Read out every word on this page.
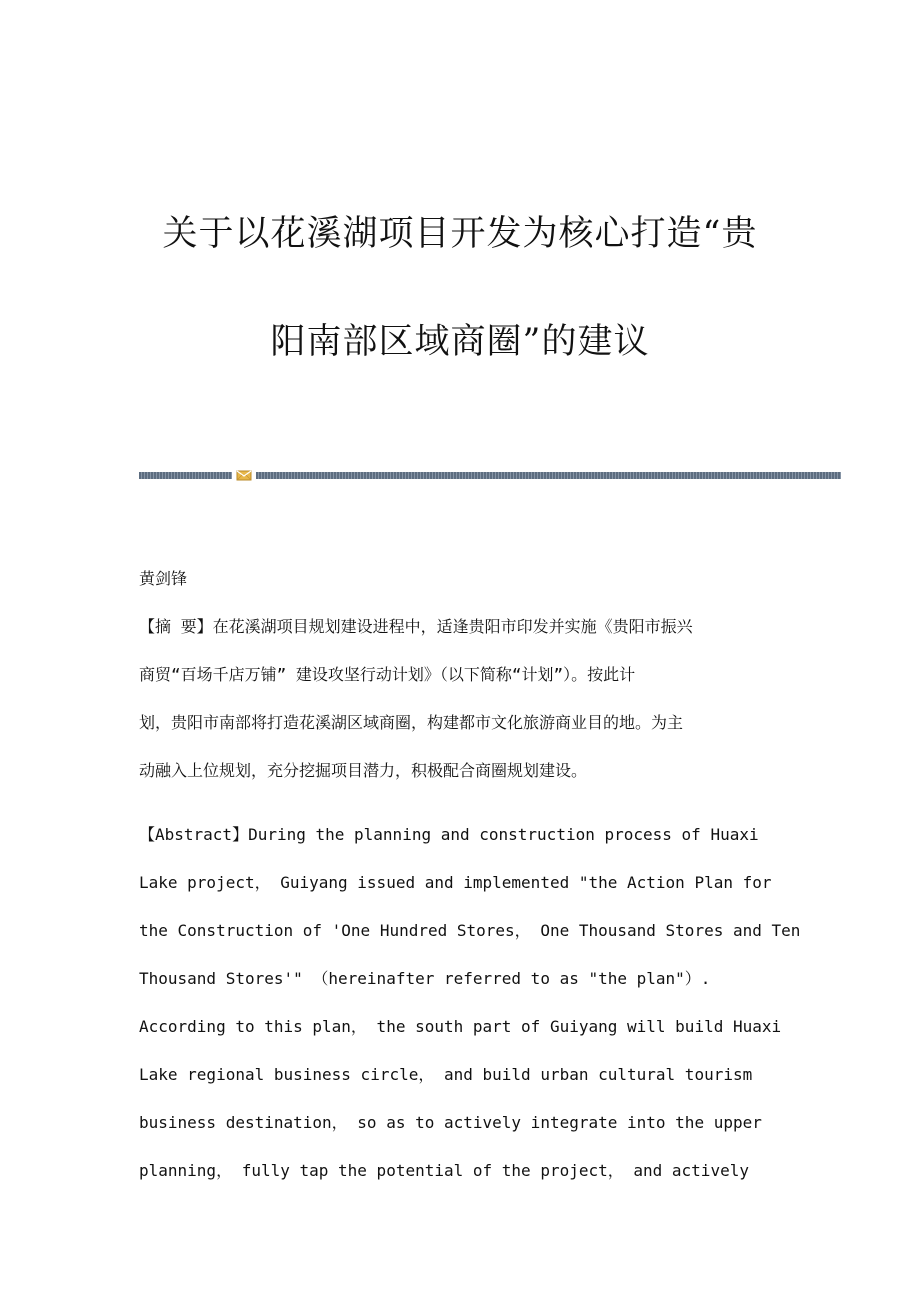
关于以花溪湖项目开发为核心打造“贵
阳南部区域商圈”的建议
黄剑锋
【摘 要】在花溪湖项目规划建设进程中，适逢贵阳市印发并实施《贵阳市振兴
商贸“百场千店万铺” 建设攻坚行动计划》（以下简称“计划”）。按此计
划，贵阳市南部将打造花溪湖区域商圈，构建都市文化旅游商业目的地。为主
动融入上位规划，充分挖掘项目潜力，积极配合商圈规划建设。
【Abstract】During the planning and construction process of Huaxi
Lake project， Guiyang issued and implemented "the Action Plan for
the Construction of 'One Hundred Stores， One Thousand Stores and Ten
Thousand Stores'" （hereinafter referred to as "the plan"）.
According to this plan， the south part of Guiyang will build Huaxi
Lake regional business circle， and build urban cultural tourism
business destination， so as to actively integrate into the upper
planning， fully tap the potential of the project， and actively
